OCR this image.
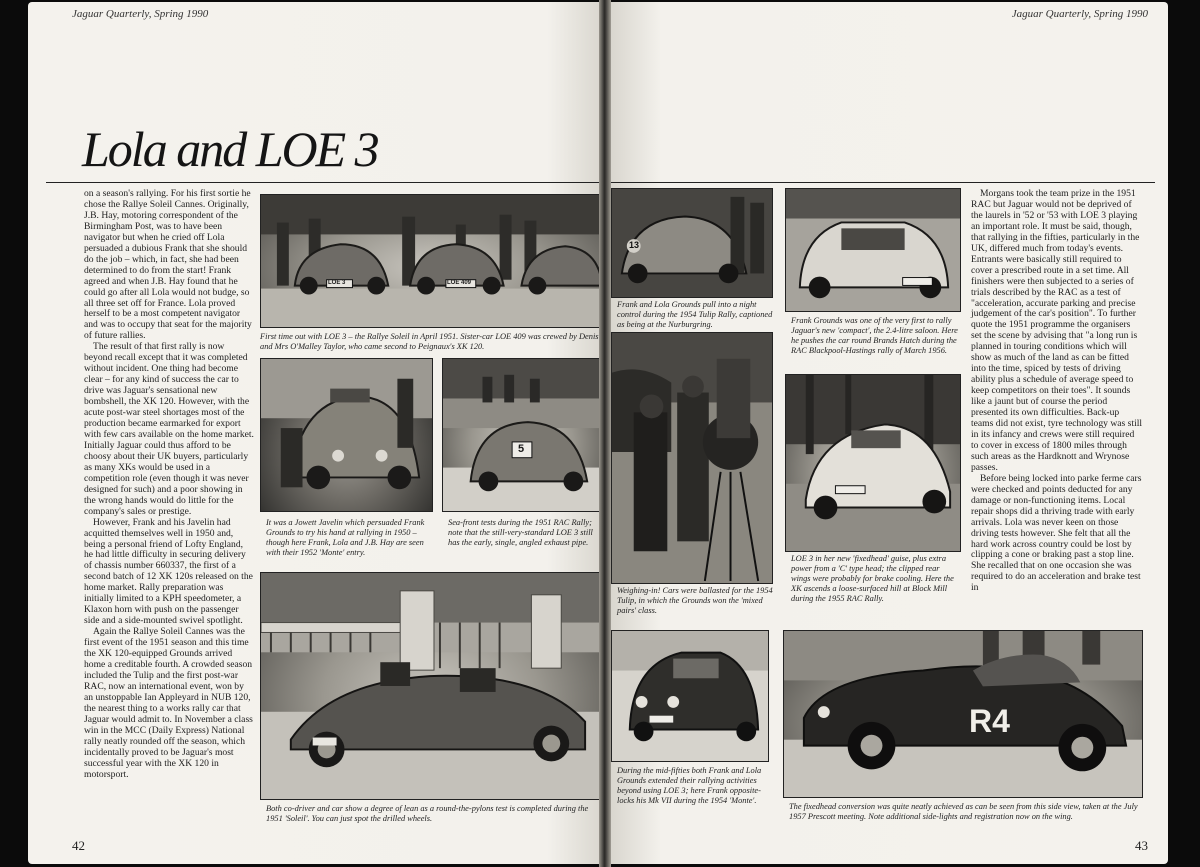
Jaguar Quarterly, Spring 1990
Lola and LOE 3

on a season's rallying. For his first sortie he chose the Rallye Soleil Cannes. Originally, J.B. Hay, motoring correspondent of the Birmingham Post, was to have been navigator but when he cried off Lola persuaded a dubious Frank that she should do the job – which, in fact, she had been determined to do from the start! Frank agreed and when J.B. Hay found that he could go after all Lola would not budge, so all three set off for France. Lola proved herself to be a most competent navigator and was to occupy that seat for the majority of future rallies.

The result of that first rally is now beyond recall except that it was completed without incident. One thing had become clear – for any kind of success the car to drive was Jaguar's sensational new bombshell, the XK 120. However, with the acute post-war steel shortages most of the production became earmarked for export with few cars available on the home market. Initially Jaguar could thus afford to be choosy about their UK buyers, particularly as many XKs would be used in a competition role (even though it was never designed for such) and a poor showing in the wrong hands would do little for the company's sales or prestige.

However, Frank and his Javelin had acquitted themselves well in 1950 and, being a personal friend of Lofty England, he had little difficulty in securing delivery of chassis number 660337, the first of a second batch of 12 XK 120s released on the home market. Rally preparation was initially limited to a KPH speedometer, a Klaxon horn with push on the passenger side and a side-mounted swivel spotlight.

Again the Rallye Soleil Cannes was the first event of the 1951 season and this time the XK 120-equipped Grounds arrived home a creditable fourth. A crowded season included the Tulip and the first post-war RAC, now an international event, won by an unstoppable Ian Appleyard in NUB 120, the nearest thing to a works rally car that Jaguar would admit to. In November a class win in the MCC (Daily Express) National rally neatly rounded off the season, which incidentally proved to be Jaguar's most successful year with the XK 120 in motorsport.

LOE 3	LOE 409
First time out with LOE 3 – the Rallye Soleil in April 1951. Sister-car LOE 409 was crewed by Denis and Mrs O'Malley Taylor, who came second to Peignaux's XK 120.
It was a Jowett Javelin which persuaded Frank Grounds to try his hand at rallying in 1950 – though here Frank, Lola and J.B. Hay are seen with their 1952 'Monte' entry.
5
Sea-front tests during the 1951 RAC Rally; note that the still-very-standard LOE 3 still has the early, single, angled exhaust pipe.
Both co-driver and car show a degree of lean as a round-the-pylons test is completed during the 1951 'Soleil'. You can just spot the drilled wheels.
42
Jaguar Quarterly, Spring 1990
13
Frank and Lola Grounds pull into a night control during the 1954 Tulip Rally, captioned as being at the Nurburgring.	Frank Grounds was one of the very first to rally Jaguar's new 'compact', the 2.4-litre saloon. Here he pushes the car round Brands Hatch during the RAC Blackpool-Hastings rally of March 1956.
Weighing-in! Cars were ballasted for the 1954 Tulip, in which the Grounds won the 'mixed pairs' class.
LOE 3 in her new 'fixedhead' guise, plus extra power from a 'C' type head; the clipped rear wings were probably for brake cooling. Here the XK ascends a loose-surfaced hill at Block Mill during the 1955 RAC Rally.
During the mid-fifties both Frank and Lola Grounds extended their rallying activities beyond using LOE 3; here Frank opposite-locks his Mk VII during the 1954 'Monte'.
R4
The fixedhead conversion was quite neatly achieved as can be seen from this side view, taken at the July 1957 Prescott meeting. Note additional side-lights and registration now on the wing.

Morgans took the team prize in the 1951 RAC but Jaguar would not be deprived of the laurels in '52 or '53 with LOE 3 playing an important role. It must be said, though, that rallying in the fifties, particularly in the UK, differed much from today's events. Entrants were basically still required to cover a prescribed route in a set time. All finishers were then subjected to a series of trials described by the RAC as a test of "acceleration, accurate parking and precise judgement of the car's position". To further quote the 1951 programme the organisers set the scene by advising that "a long run is planned in touring conditions which will show as much of the land as can be fitted into the time, spiced by tests of driving ability plus a schedule of average speed to keep competitors on their toes". It sounds like a jaunt but of course the period presented its own difficulties. Back-up teams did not exist, tyre technology was still in its infancy and crews were still required to cover in excess of 1800 miles through such areas as the Hardknott and Wrynose passes.

Before being locked into parke ferme cars were checked and points deducted for any damage or non-functioning items. Local repair shops did a thriving trade with early arrivals. Lola was never keen on those driving tests however. She felt that all the hard work across country could be lost by clipping a cone or braking past a stop line. She recalled that on one occasion she was required to do an acceleration and brake test in

43
